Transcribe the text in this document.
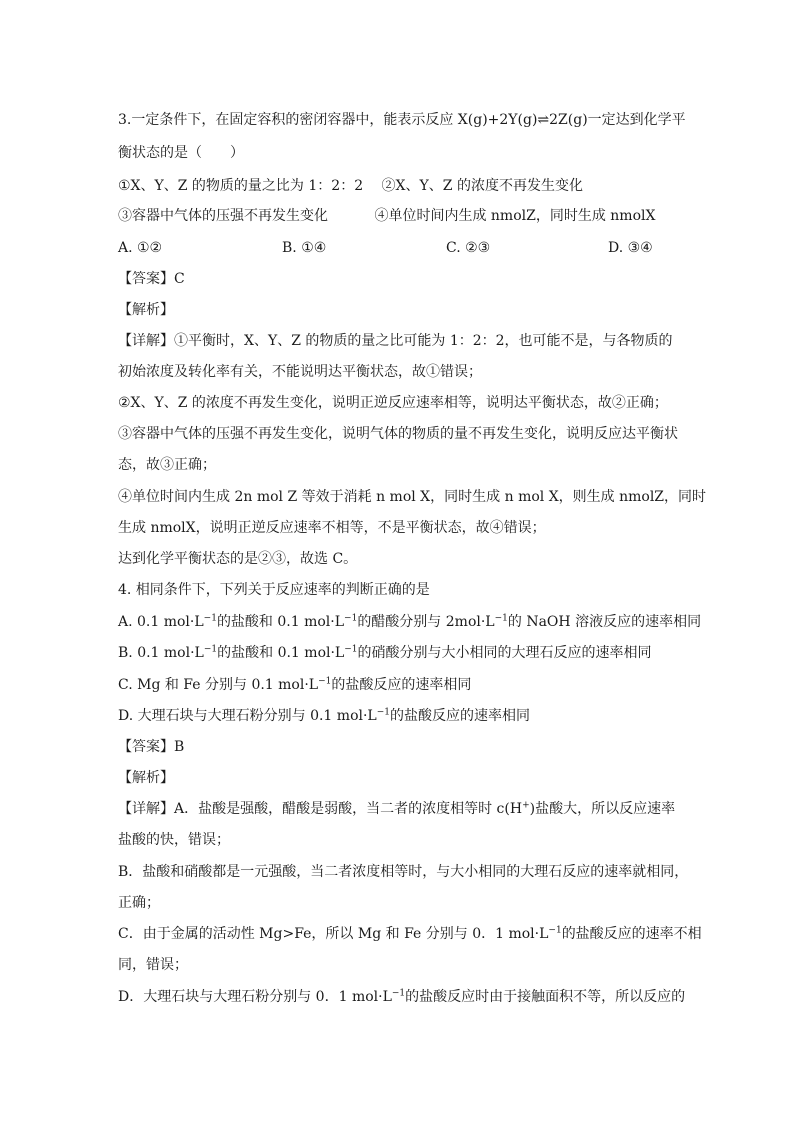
3.一定条件下，在固定容积的密闭容器中，能表示反应 X(g)+2Y(g)⇌2Z(g)一定达到化学平
衡状态的是（　　）
①X、Y、Z 的物质的量之比为 1：2：2　 ②X、Y、Z 的浓度不再发生变化
③容器中气体的压强不再发生变化　　　 ④单位时间内生成 nmolZ，同时生成 nmolX
A. ①②	B. ①④	C. ②③	D. ③④
【答案】C
【解析】
【详解】①平衡时，X、Y、Z 的物质的量之比可能为 1：2：2，也可能不是，与各物质的
初始浓度及转化率有关，不能说明达平衡状态，故①错误；
②X、Y、Z 的浓度不再发生变化，说明正逆反应速率相等，说明达平衡状态，故②正确；
③容器中气体的压强不再发生变化，说明气体的物质的量不再发生变化，说明反应达平衡状
态，故③正确；
④单位时间内生成 2n mol Z 等效于消耗 n mol X，同时生成 n mol X，则生成 nmolZ，同时
生成 nmolX，说明正逆反应速率不相等，不是平衡状态，故④错误；
达到化学平衡状态的是②③，故选 C。
4. 相同条件下，下列关于反应速率的判断正确的是
A. 0.1 $mol\cdot L^{-1}$的盐酸和 0.1 $mol\cdot L^{-1}$的醋酸分别与 $2mol\cdot L^{-1}$的 NaOH 溶液反应的速率相同
B. 0.1 $mol\cdot L^{-1}$的盐酸和 0.1 $mol\cdot L^{-1}$的硝酸分别与大小相同的大理石反应的速率相同
C. Mg 和 Fe 分别与 0.1 $mol\cdot L^{-1}$的盐酸反应的速率相同
D. 大理石块与大理石粉分别与 0.1 $mol\cdot L^{-1}$的盐酸反应的速率相同
【答案】B
【解析】
【详解】A．盐酸是强酸，醋酸是弱酸，当二者的浓度相等时 c(H+)盐酸大，所以反应速率
盐酸的快，错误；
B．盐酸和硝酸都是一元强酸，当二者浓度相等时，与大小相同的大理石反应的速率就相同，
正确；
C．由于金属的活动性 Mg>Fe，所以 Mg 和 Fe 分别与 0．1 $mol\cdot L^{-1}$的盐酸反应的速率不相
同，错误；
D．大理石块与大理石粉分别与 0．1 $mol\cdot L^{-1}$的盐酸反应时由于接触面积不等，所以反应的
